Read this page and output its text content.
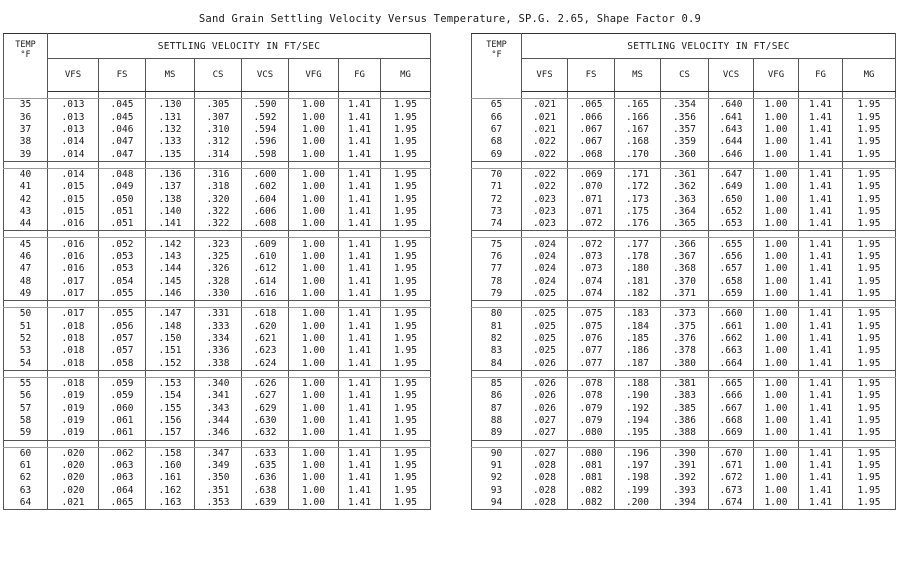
Sand Grain Settling Velocity Versus Temperature, SP.G. 2.65, Shape Factor 0.9
TEMP
°F	SETTLING VELOCITY IN FT/SEC							
	VFS	FS	MS	CS	VCS	VFG	FG	MG

35	.013	.045	.130	.305	.590	1.00	1.41	1.95
36	.013	.045	.131	.307	.592	1.00	1.41	1.95
37	.013	.046	.132	.310	.594	1.00	1.41	1.95
38	.014	.047	.133	.312	.596	1.00	1.41	1.95
39	.014	.047	.135	.314	.598	1.00	1.41	1.95

40	.014	.048	.136	.316	.600	1.00	1.41	1.95
41	.015	.049	.137	.318	.602	1.00	1.41	1.95
42	.015	.050	.138	.320	.604	1.00	1.41	1.95
43	.015	.051	.140	.322	.606	1.00	1.41	1.95
44	.016	.051	.141	.322	.608	1.00	1.41	1.95

45	.016	.052	.142	.323	.609	1.00	1.41	1.95
46	.016	.053	.143	.325	.610	1.00	1.41	1.95
47	.016	.053	.144	.326	.612	1.00	1.41	1.95
48	.017	.054	.145	.328	.614	1.00	1.41	1.95
49	.017	.055	.146	.330	.616	1.00	1.41	1.95

50	.017	.055	.147	.331	.618	1.00	1.41	1.95
51	.018	.056	.148	.333	.620	1.00	1.41	1.95
52	.018	.057	.150	.334	.621	1.00	1.41	1.95
53	.018	.057	.151	.336	.623	1.00	1.41	1.95
54	.018	.058	.152	.338	.624	1.00	1.41	1.95

55	.018	.059	.153	.340	.626	1.00	1.41	1.95
56	.019	.059	.154	.341	.627	1.00	1.41	1.95
57	.019	.060	.155	.343	.629	1.00	1.41	1.95
58	.019	.061	.156	.344	.630	1.00	1.41	1.95
59	.019	.061	.157	.346	.632	1.00	1.41	1.95

60	.020	.062	.158	.347	.633	1.00	1.41	1.95
61	.020	.063	.160	.349	.635	1.00	1.41	1.95
62	.020	.063	.161	.350	.636	1.00	1.41	1.95
63	.020	.064	.162	.351	.638	1.00	1.41	1.95
64	.021	.065	.163	.353	.639	1.00	1.41	1.95
TEMP
°F	SETTLING VELOCITY IN FT/SEC							
	VFS	FS	MS	CS	VCS	VFG	FG	MG

65	.021	.065	.165	.354	.640	1.00	1.41	1.95
66	.021	.066	.166	.356	.641	1.00	1.41	1.95
67	.021	.067	.167	.357	.643	1.00	1.41	1.95
68	.022	.067	.168	.359	.644	1.00	1.41	1.95
69	.022	.068	.170	.360	.646	1.00	1.41	1.95

70	.022	.069	.171	.361	.647	1.00	1.41	1.95
71	.022	.070	.172	.362	.649	1.00	1.41	1.95
72	.023	.071	.173	.363	.650	1.00	1.41	1.95
73	.023	.071	.175	.364	.652	1.00	1.41	1.95
74	.023	.072	.176	.365	.653	1.00	1.41	1.95

75	.024	.072	.177	.366	.655	1.00	1.41	1.95
76	.024	.073	.178	.367	.656	1.00	1.41	1.95
77	.024	.073	.180	.368	.657	1.00	1.41	1.95
78	.024	.074	.181	.370	.658	1.00	1.41	1.95
79	.025	.074	.182	.371	.659	1.00	1.41	1.95

80	.025	.075	.183	.373	.660	1.00	1.41	1.95
81	.025	.075	.184	.375	.661	1.00	1.41	1.95
82	.025	.076	.185	.376	.662	1.00	1.41	1.95
83	.025	.077	.186	.378	.663	1.00	1.41	1.95
84	.026	.077	.187	.380	.664	1.00	1.41	1.95

85	.026	.078	.188	.381	.665	1.00	1.41	1.95
86	.026	.078	.190	.383	.666	1.00	1.41	1.95
87	.026	.079	.192	.385	.667	1.00	1.41	1.95
88	.027	.079	.194	.386	.668	1.00	1.41	1.95
89	.027	.080	.195	.388	.669	1.00	1.41	1.95

90	.027	.080	.196	.390	.670	1.00	1.41	1.95
91	.028	.081	.197	.391	.671	1.00	1.41	1.95
92	.028	.081	.198	.392	.672	1.00	1.41	1.95
93	.028	.082	.199	.393	.673	1.00	1.41	1.95
94	.028	.082	.200	.394	.674	1.00	1.41	1.95
